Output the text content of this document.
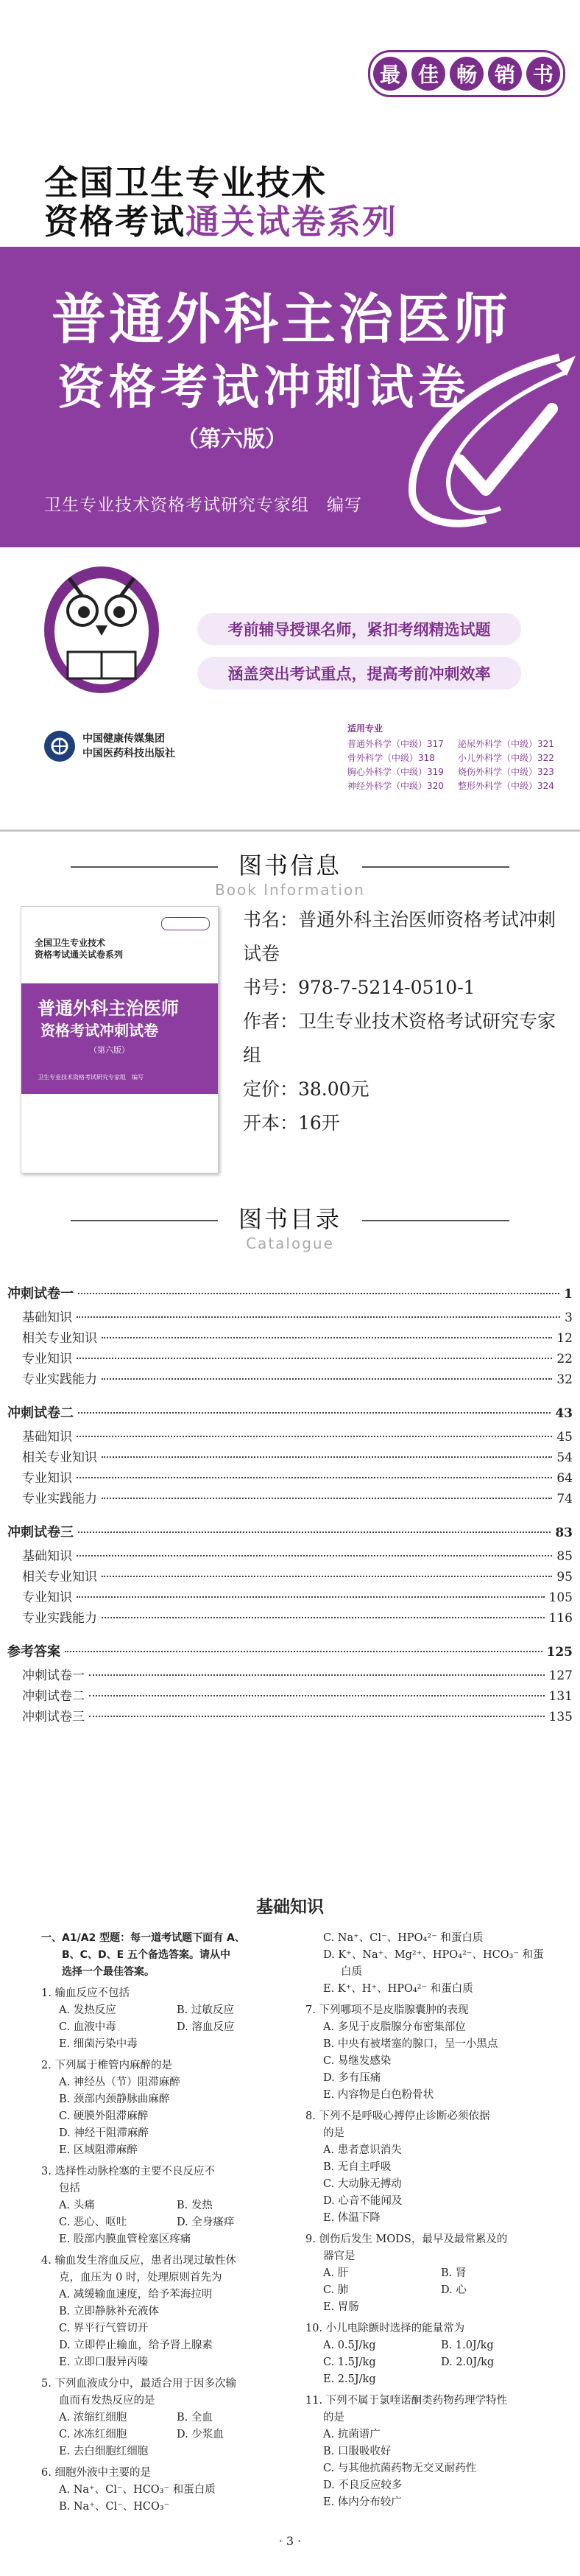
最 佳 畅 销 书
全国卫生专业技术
资格考试通关试卷系列
普通外科主治医师
资格考试冲刺试卷
（第六版）
卫生专业技术资格考试研究专家组　编写
考前辅导授课名师，紧扣考纲精选试题
涵盖突出考试重点，提高考前冲刺效率
中国健康传媒集团
中国医药科技出版社
适用专业
普通外科学（中级）317	泌尿外科学（中级）321
骨外科学（中级）318	小儿外科学（中级）322
胸心外科学（中级）319	烧伤外科学（中级）323
神经外科学（中级）320	整形外科学（中级）324
图书信息
Book Information
全国卫生专业技术
资格考试通关试卷系列
普通外科主治医师
资格考试冲刺试卷
（第六版）
卫生专业技术资格考试研究专家组　编写
书名：普通外科主治医师资格考试冲刺试卷
书号：978-7-5214-0510-1
作者：卫生专业技术资格考试研究专家组
定价：38.00元
开本：16开
图书目录
Catalogue
冲刺试卷一	1
基础知识	3
相关专业知识	12
专业知识	22
专业实践能力	32
冲刺试卷二	43
基础知识	45
相关专业知识	54
专业知识	64
专业实践能力	74
冲刺试卷三	83
基础知识	85
相关专业知识	95
专业知识	105
专业实践能力	116
参考答案	125
冲刺试卷一	127
冲刺试卷二	131
冲刺试卷三	135
基础知识
一、A1/A2 型题：每一道考试题下面有 A、
　　B、C、D、E 五个备选答案。请从中
　　选择一个最佳答案。
1. 输血反应不包括
A. 发热反应	B. 过敏反应
C. 血液中毒	D. 溶血反应
E. 细菌污染中毒
2. 下列属于椎管内麻醉的是
A. 神经丛（节）阻滞麻醉
B. 颈部内颈静脉曲麻醉
C. 硬膜外阻滞麻醉
D. 神经干阻滞麻醉
E. 区域阻滞麻醉
3. 选择性动脉栓塞的主要不良反应不
包括
A. 头痛	B. 发热
C. 恶心、呕吐	D. 全身瘙痒
E. 股部内膜血管栓塞区疼痛
4. 输血发生溶血反应，患者出现过敏性休
克，血压为 0 时，处理原则首先为
A. 减缓输血速度，给予苯海拉明
B. 立即静脉补充液体
C. 界平行气管切开
D. 立即停止输血，给予肾上腺素
E. 立即口服异丙嗪
5. 下列血液成分中，最适合用于因多次输
血而有发热反应的是
A. 浓缩红细胞	B. 全血
C. 冰冻红细胞	D. 少浆血
E. 去白细胞红细胞
6. 细胞外液中主要的是
A. Na⁺、Cl⁻、HCO₃⁻ 和蛋白质
B. Na⁺、Cl⁻、HCO₃⁻
C. Na⁺、Cl⁻、HPO₄²⁻ 和蛋白质
D. K⁺、Na⁺、Mg²⁺、HPO₄²⁻、HCO₃⁻ 和蛋
白质
E. K⁺、H⁺、HPO₄²⁻ 和蛋白质
7. 下列哪项不是皮脂腺囊肿的表现
A. 多见于皮脂腺分布密集部位
B. 中央有被堵塞的腺口，呈一小黑点
C. 易继发感染
D. 多有压痛
E. 内容物是白色粉骨状
8. 下列不是呼吸心搏停止诊断必须依据
的是
A. 患者意识消失
B. 无自主呼吸
C. 大动脉无搏动
D. 心音不能闻及
E. 体温下降
9. 创伤后发生 MODS，最早及最常累及的
器官是
A. 肝	B. 肾
C. 肺	D. 心
E. 胃肠
10. 小儿电除颤时选择的能量常为
A. 0.5J/kg	B. 1.0J/kg
C. 1.5J/kg	D. 2.0J/kg
E. 2.5J/kg
11. 下列不属于氯喹诺酮类药物药理学特性
的是
A. 抗菌谱广
B. 口服吸收好
C. 与其他抗菌药物无交叉耐药性
D. 不良反应较多
E. 体内分布较广
· 3 ·
